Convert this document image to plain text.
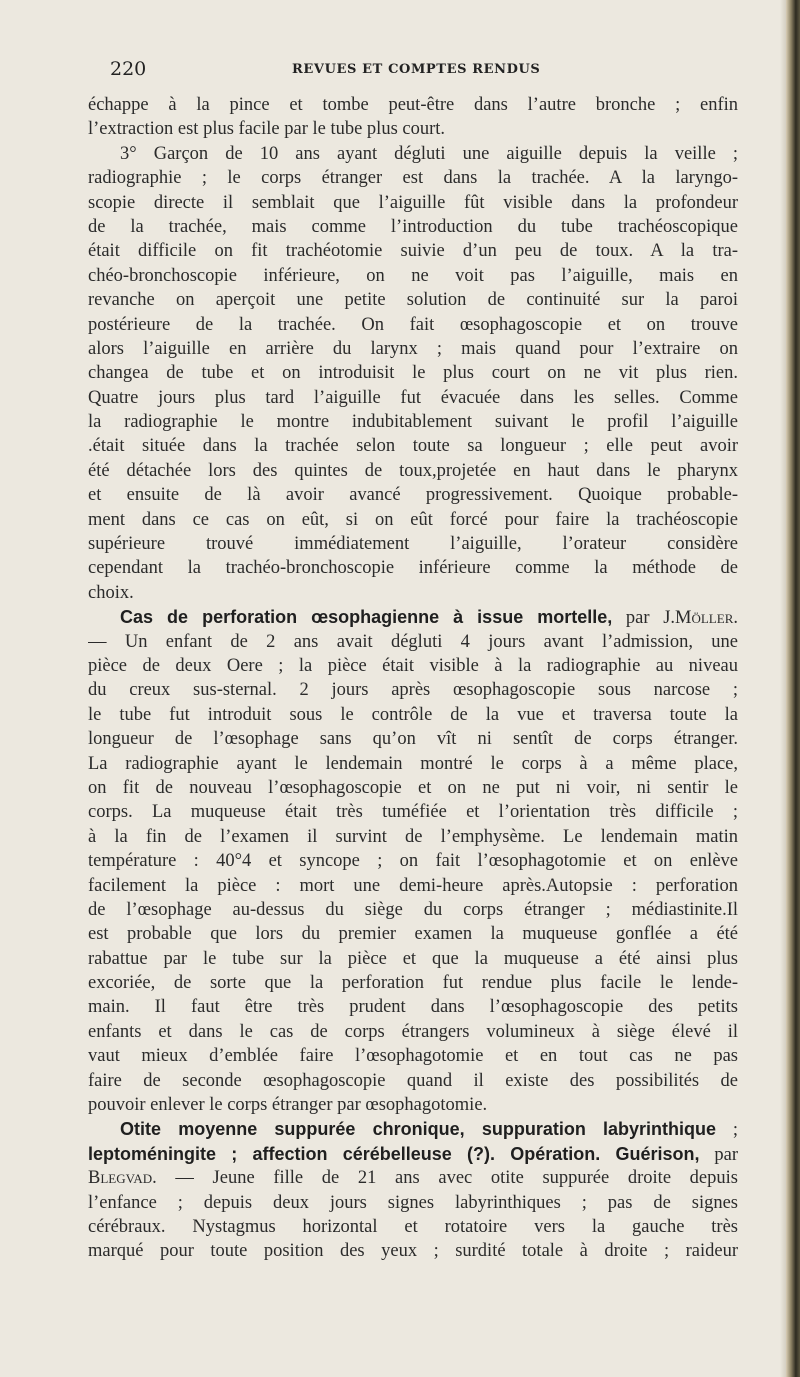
220	REVUES ET COMPTES RENDUS
échappe à la pince et tombe peut-être dans l’autre bronche ; enfin
l’extraction est plus facile par le tube plus court.
3° Garçon de 10 ans ayant dégluti une aiguille depuis la veille ;
radiographie ; le corps étranger est dans la trachée. A la laryngo-
scopie directe il semblait que l’aiguille fût visible dans la profondeur
de la trachée, mais comme l’introduction du tube trachéoscopique
était difficile on fit trachéotomie suivie d’un peu de toux. A la tra-
chéo-bronchoscopie inférieure, on ne voit pas l’aiguille, mais en
revanche on aperçoit une petite solution de continuité sur la paroi
postérieure de la trachée. On fait œsophagoscopie et on trouve
alors l’aiguille en arrière du larynx ; mais quand pour l’extraire on
changea de tube et on introduisit le plus court on ne vit plus rien.
Quatre jours plus tard l’aiguille fut évacuée dans les selles. Comme
la radiographie le montre indubitablement suivant le profil l’aiguille
.était située dans la trachée selon toute sa longueur ; elle peut avoir
été détachée lors des quintes de toux,projetée en haut dans le pharynx
et ensuite de là avoir avancé progressivement. Quoique probable-
ment dans ce cas on eût, si on eût forcé pour faire la trachéoscopie
supérieure trouvé immédiatement l’aiguille, l’orateur considère
cependant la trachéo-bronchoscopie inférieure comme la méthode de
choix.
Cas de perforation œsophagienne à issue mortelle, par J.Möller.
— Un enfant de 2 ans avait dégluti 4 jours avant l’admission, une
pièce de deux Oere ; la pièce était visible à la radiographie au niveau
du creux sus-sternal. 2 jours après œsophagoscopie sous narcose ;
le tube fut introduit sous le contrôle de la vue et traversa toute la
longueur de l’œsophage sans qu’on vît ni sentît de corps étranger.
La radiographie ayant le lendemain montré le corps à a même place,
on fit de nouveau l’œsophagoscopie et on ne put ni voir, ni sentir le
corps. La muqueuse était très tuméfiée et l’orientation très difficile ;
à la fin de l’examen il survint de l’emphysème. Le lendemain matin
température : 40°4 et syncope ; on fait l’œsophagotomie et on enlève
facilement la pièce : mort une demi-heure après.Autopsie : perforation
de l’œsophage au-dessus du siège du corps étranger ; médiastinite.Il
est probable que lors du premier examen la muqueuse gonflée a été
rabattue par le tube sur la pièce et que la muqueuse a été ainsi plus
excoriée, de sorte que la perforation fut rendue plus facile le lende-
main. Il faut être très prudent dans l’œsophagoscopie des petits
enfants et dans le cas de corps étrangers volumineux à siège élevé il
vaut mieux d’emblée faire l’œsophagotomie et en tout cas ne pas
faire de seconde œsophagoscopie quand il existe des possibilités de
pouvoir enlever le corps étranger par œsophagotomie.
Otite moyenne suppurée chronique, suppuration labyrinthique ;
leptoméningite ; affection cérébelleuse (?). Opération. Guérison, par
Blegvad. — Jeune fille de 21 ans avec otite suppurée droite depuis
l’enfance ; depuis deux jours signes labyrinthiques ; pas de signes
cérébraux. Nystagmus horizontal et rotatoire vers la gauche très
marqué pour toute position des yeux ; surdité totale à droite ; raideur
